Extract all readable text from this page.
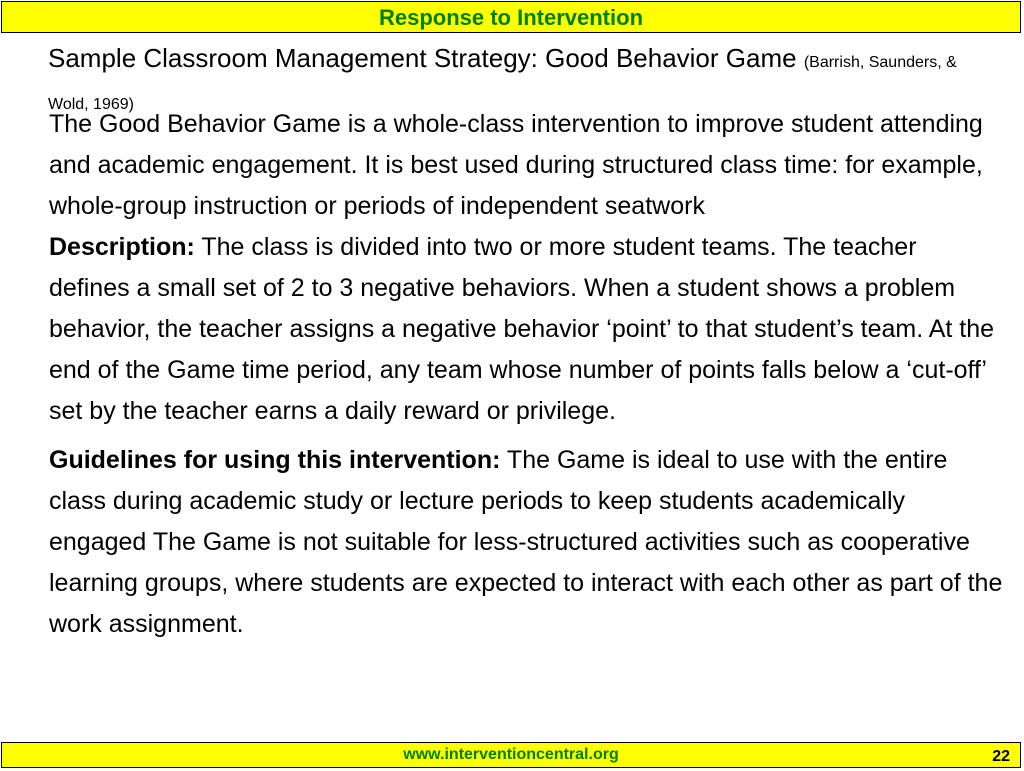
Response to Intervention
Sample Classroom Management Strategy: Good Behavior Game (Barrish, Saunders, & Wold, 1969)

The Good Behavior Game is a whole-class intervention to improve student attending and academic engagement. It is best used during structured class time: for example, whole-group instruction or periods of independent seatwork

Description: The class is divided into two or more student teams. The teacher defines a small set of 2 to 3 negative behaviors. When a student shows a problem behavior, the teacher assigns a negative behavior ‘point’ to that student’s team. At the end of the Game time period, any team whose number of points falls below a ‘cut-off’ set by the teacher earns a daily reward or privilege.

Guidelines for using this intervention: The Game is ideal to use with the entire class during academic study or lecture periods to keep students academically engaged The Game is not suitable for less-structured activities such as cooperative learning groups, where students are expected to interact with each other as part of the work assignment.

www.interventioncentral.org	22
